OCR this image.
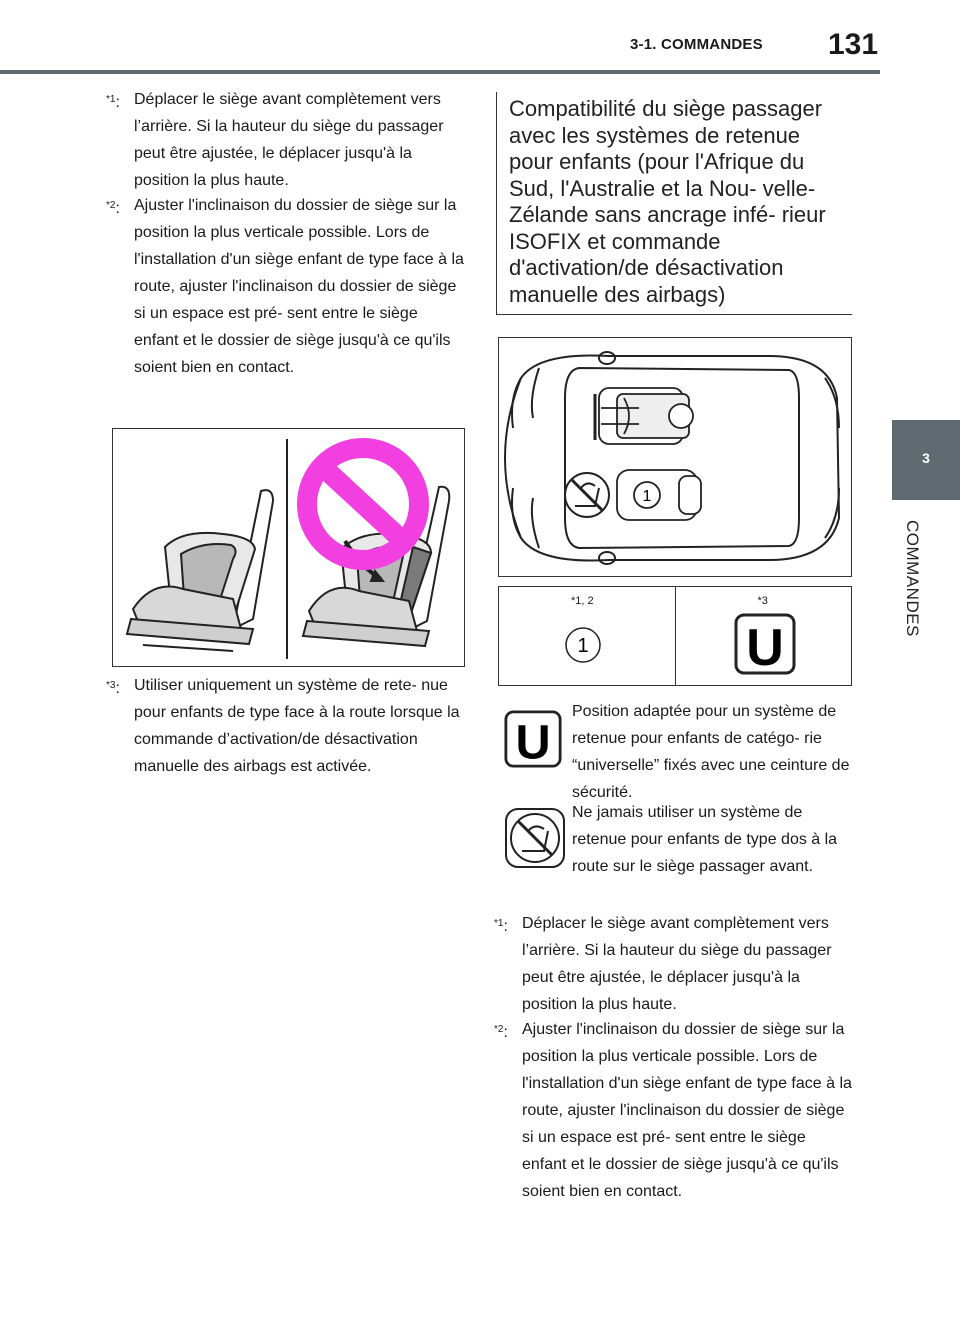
3-1. COMMANDES 131
3
COMMANDES
$^{*1}$: Déplacer le siège avant complètement vers l’arrière. Si la hauteur du siège du passager peut être ajustée, le déplacer jusqu'à la position la plus haute.
$^{*2}$: Ajuster l'inclinaison du dossier de siège sur la position la plus verticale possible. Lors de l'installation d'un siège enfant de type face à la route, ajuster l'inclinaison du dossier de siège si un espace est pré- sent entre le siège enfant et le dossier de siège jusqu'à ce qu'ils soient bien en contact.
$^{*3}$: Utiliser uniquement un système de rete- nue pour enfants de type face à la route lorsque la commande d’activation/de désactivation manuelle des airbags est activée.
Compatibilité du siège passager avec les systèmes de retenue pour enfants (pour l'Afrique du Sud, l'Australie et la Nou- velle-Zélande sans ancrage infé- rieur ISOFIX et commande d'activation/de désactivation manuelle des airbags)
1
*1, 2
1
*3
U
U
Position adaptée pour un système de retenue pour enfants de catégo- rie “universelle” fixés avec une ceinture de sécurité.
Ne jamais utiliser un système de retenue pour enfants de type dos à la route sur le siège passager avant.
$^{*1}$: Déplacer le siège avant complètement vers l’arrière. Si la hauteur du siège du passager peut être ajustée, le déplacer jusqu'à la position la plus haute.
$^{*2}$: Ajuster l'inclinaison du dossier de siège sur la position la plus verticale possible. Lors de l'installation d'un siège enfant de type face à la route, ajuster l'inclinaison du dossier de siège si un espace est pré- sent entre le siège enfant et le dossier de siège jusqu'à ce qu'ils soient bien en contact.
